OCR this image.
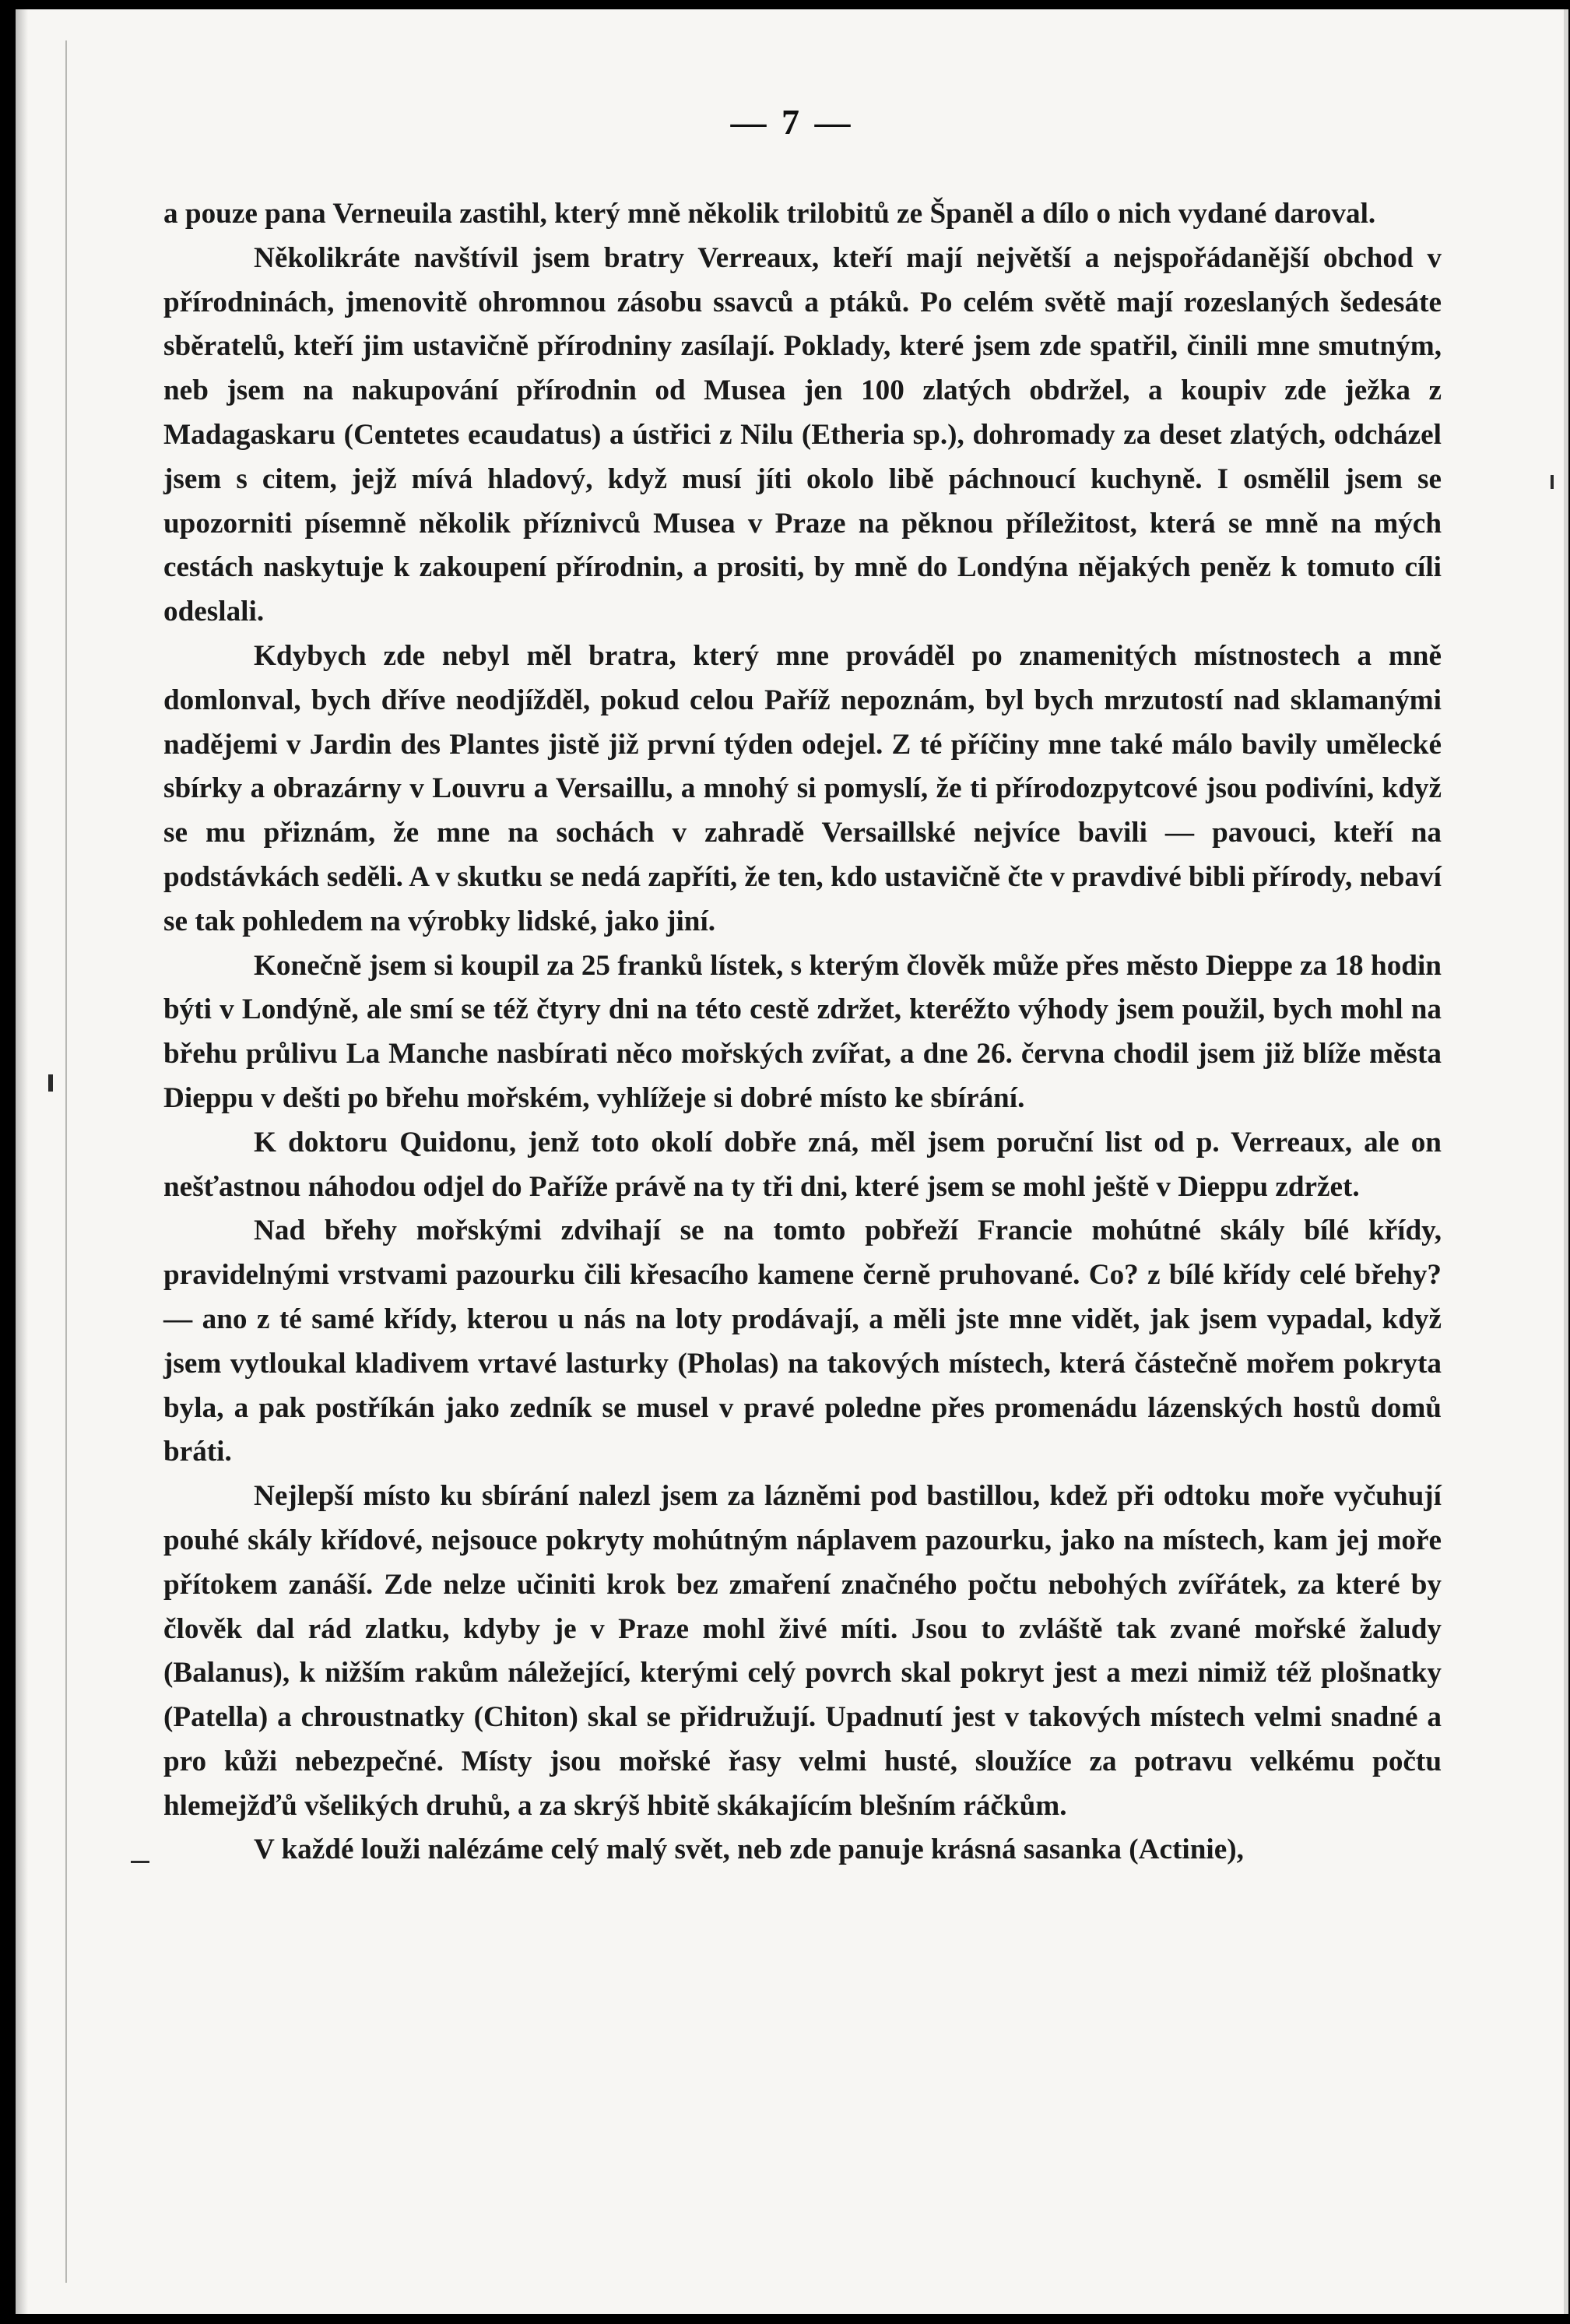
— 7 —

a pouze pana Verneuila zastihl, který mně několik trilobitů ze Španěl a dílo o nich vydané daroval.

Několikráte navštívil jsem bratry Verreaux, kteří mají největší a nejspořádanější obchod v přírodninách, jmenovitě ohromnou zásobu ssavců a ptáků. Po celém světě mají rozeslaných šedesáte sběratelů, kteří jim ustavičně přírodniny zasílají. Poklady, které jsem zde spatřil, činili mne smutným, neb jsem na nakupování přírodnin od Musea jen 100 zlatých obdržel, a koupiv zde ježka z Madagaskaru (Centetes ecaudatus) a ústřici z Nilu (Etheria sp.), dohromady za deset zlatých, odcházel jsem s citem, jejž mívá hladový, když musí jíti okolo libě páchnoucí kuchyně. I osmělil jsem se upozorniti písemně několik příznivců Musea v Praze na pěknou příležitost, která se mně na mých cestách naskytuje k zakoupení přírodnin, a prositi, by mně do Londýna nějakých peněz k tomuto cíli odeslali.

Kdybych zde nebyl měl bratra, který mne prováděl po znamenitých místnostech a mně domlonval, bych dříve neodjížděl, pokud celou Paříž nepoznám, byl bych mrzutostí nad sklamanými nadějemi v Jardin des Plantes jistě již první týden odejel. Z té příčiny mne také málo bavily umělecké sbírky a obrazárny v Louvru a Versaillu, a mnohý si pomyslí, že ti přírodozpytcové jsou podivíni, když se mu přiznám, že mne na sochách v zahradě Versaillské nejvíce bavili — pavouci, kteří na podstávkách seděli. A v skutku se nedá zapříti, že ten, kdo ustavičně čte v pravdivé bibli přírody, nebaví se tak pohledem na výrobky lidské, jako jiní.

Konečně jsem si koupil za 25 franků lístek, s kterým člověk může přes město Dieppe za 18 hodin býti v Londýně, ale smí se též čtyry dni na této cestě zdržet, kteréžto výhody jsem použil, bych mohl na břehu průlivu La Manche nasbírati něco mořských zvířat, a dne 26. června chodil jsem již blíže města Dieppu v dešti po břehu mořském, vyhlížeje si dobré místo ke sbírání.

K doktoru Quidonu, jenž toto okolí dobře zná, měl jsem poruční list od p. Verreaux, ale on nešťastnou náhodou odjel do Paříže právě na ty tři dni, které jsem se mohl ještě v Dieppu zdržet.

Nad břehy mořskými zdvihají se na tomto pobřeží Francie mohútné skály bílé křídy, pravidelnými vrstvami pazourku čili křesacího kamene černě pruhované. Co? z bílé křídy celé břehy? — ano z té samé křídy, kterou u nás na loty prodávají, a měli jste mne vidět, jak jsem vypadal, když jsem vytloukal kladivem vrtavé lasturky (Pholas) na takových místech, která částečně mořem pokryta byla, a pak postříkán jako zedník se musel v pravé poledne přes promenádu lázenských hostů domů bráti.

Nejlepší místo ku sbírání nalezl jsem za lázněmi pod bastillou, kdež při odtoku moře vyčuhují pouhé skály křídové, nejsouce pokryty mohútným náplavem pazourku, jako na místech, kam jej moře přítokem zanáší. Zde nelze učiniti krok bez zmaření značného počtu nebohých zvířátek, za které by člověk dal rád zlatku, kdyby je v Praze mohl živé míti. Jsou to zvláště tak zvané mořské žaludy (Balanus), k nižším rakům náležející, kterými celý povrch skal pokryt jest a mezi nimiž též plošnatky (Patella) a chroustnatky (Chiton) skal se přidružují. Upadnutí jest v takových místech velmi snadné a pro kůži nebezpečné. Místy jsou mořské řasy velmi husté, sloužíce za potravu velkému počtu hlemejžďů všelikých druhů, a za skrýš hbitě skákajícím blešním ráčkům.

V každé louži nalézáme celý malý svět, neb zde panuje krásná sasanka (Actinie),
